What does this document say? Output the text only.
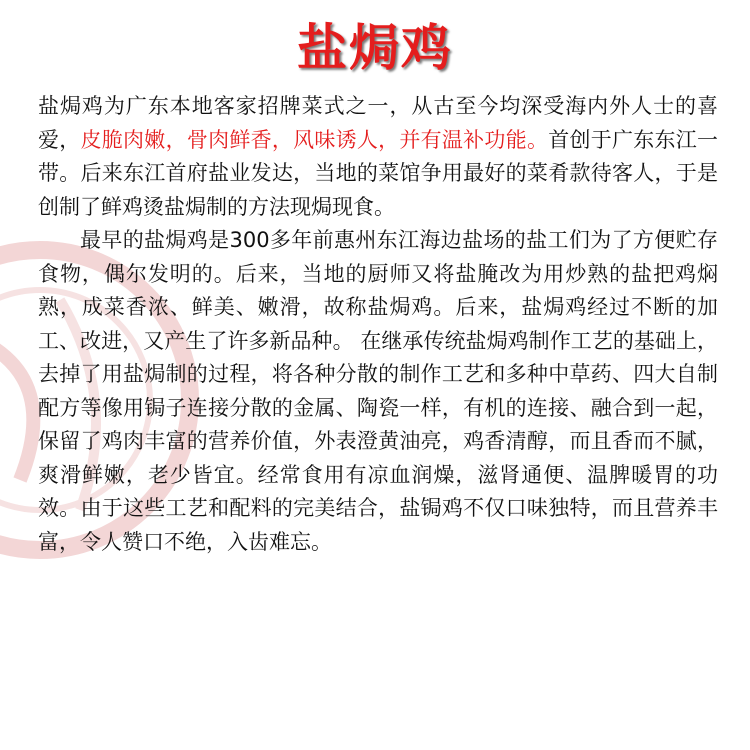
盐焗鸡

盐焗鸡为广东本地客家招牌菜式之一，从古至今均深受海内外人士的喜爱，皮脆肉嫩，骨肉鲜香，风味诱人，并有温补功能。首创于广东东江一带。后来东江首府盐业发达，当地的菜馆争用最好的菜肴款待客人，于是创制了鲜鸡烫盐焗制的方法现焗现食。

最早的盐焗鸡是300多年前惠州东江海边盐场的盐工们为了方便贮存食物，偶尔发明的。后来，当地的厨师又将盐腌改为用炒熟的盐把鸡焖熟，成菜香浓、鲜美、嫩滑，故称盐焗鸡。后来，盐焗鸡经过不断的加工、改进，又产生了许多新品种。 在继承传统盐焗鸡制作工艺的基础上，去掉了用盐焗制的过程，将各种分散的制作工艺和多种中草药、四大自制配方等像用锔子连接分散的金属、陶瓷一样，有机的连接、融合到一起，保留了鸡肉丰富的营养价值，外表澄黄油亮，鸡香清醇，而且香而不腻，爽滑鲜嫩，老少皆宜。经常食用有凉血润燥，滋肾通便、温脾暖胃的功效。由于这些工艺和配料的完美结合，盐锔鸡不仅口味独特，而且营养丰富，令人赞口不绝，入齿难忘。
